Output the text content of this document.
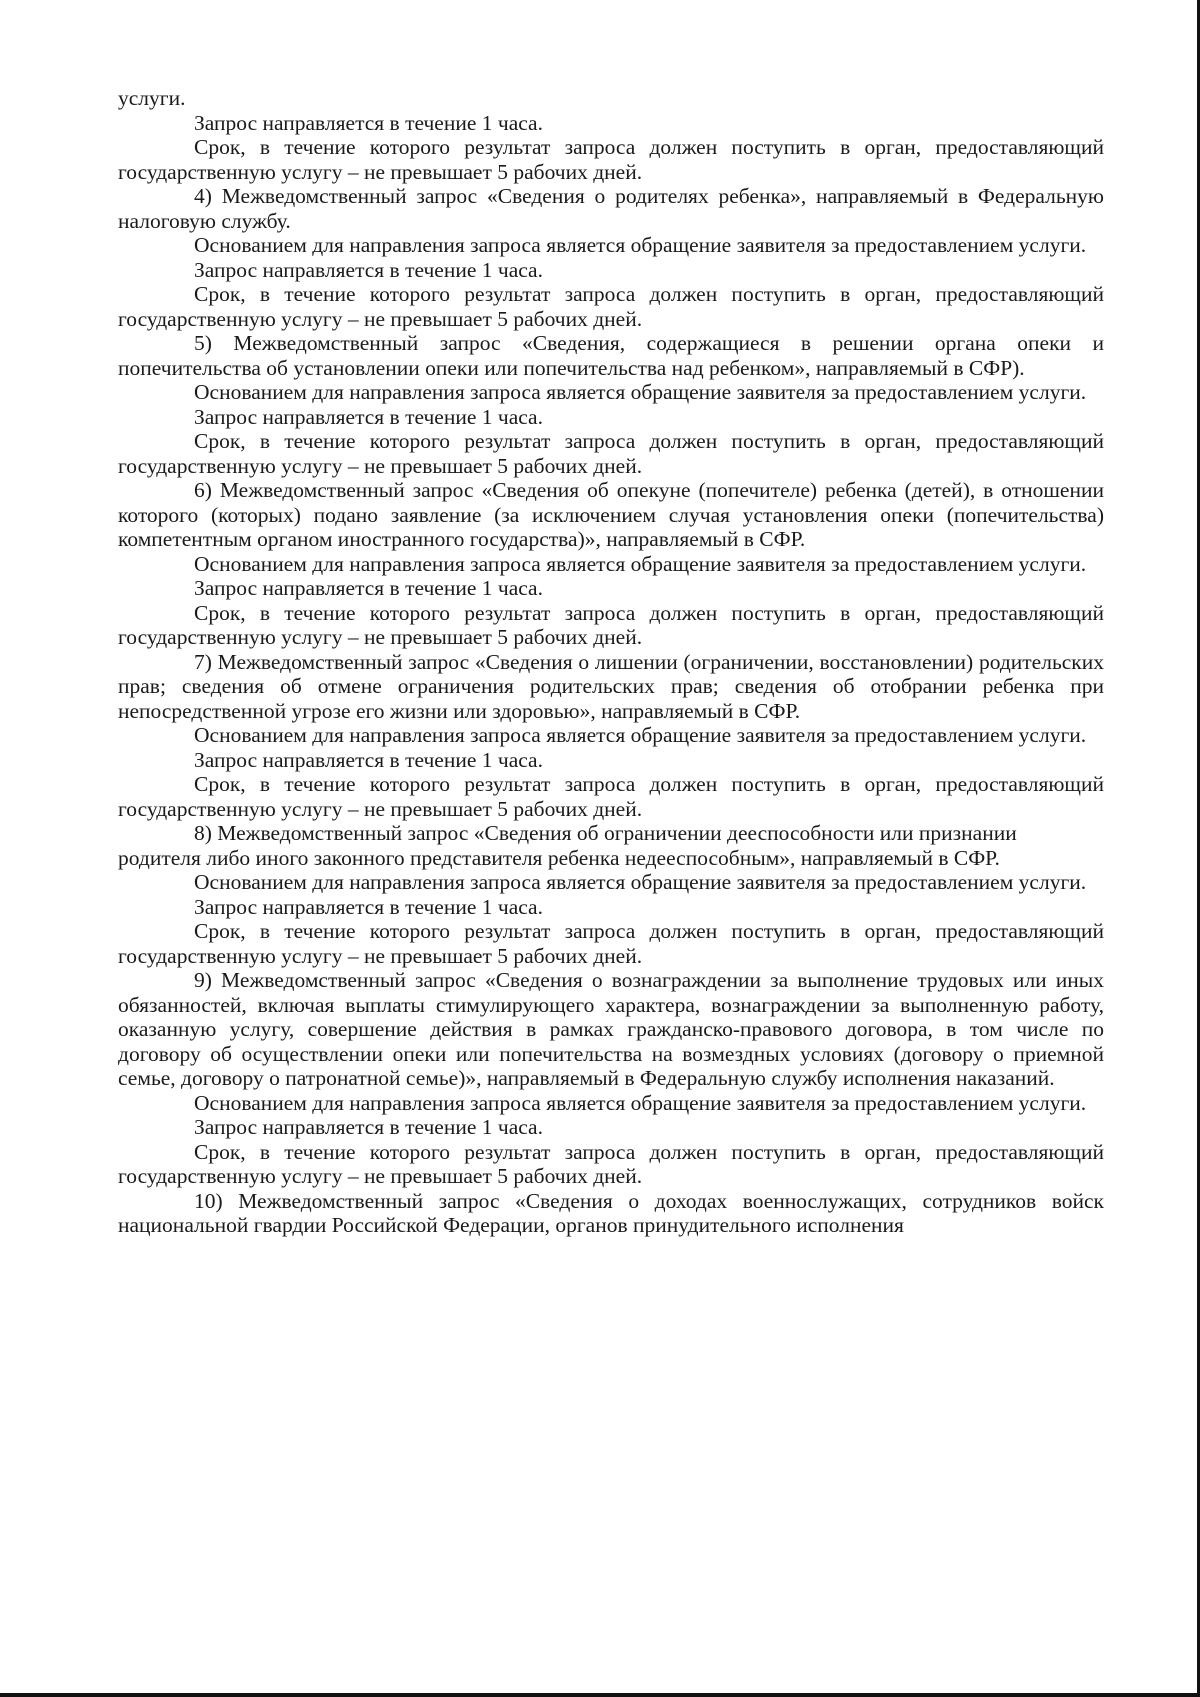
услуги.

Запрос направляется в течение 1 часа.

Срок, в течение которого результат запроса должен поступить в орган, предоставляющий государственную услугу – не превышает 5 рабочих дней.

4) Межведомственный запрос «Сведения о родителях ребенка», направляемый в Федеральную налоговую службу.

Основанием для направления запроса является обращение заявителя за предоставлением услуги.

Запрос направляется в течение 1 часа.

Срок, в течение которого результат запроса должен поступить в орган, предоставляющий государственную услугу – не превышает 5 рабочих дней.

5) Межведомственный запрос «Сведения, содержащиеся в решении органа опеки и попечительства об установлении опеки или попечительства над ребенком», направляемый в СФР).

Основанием для направления запроса является обращение заявителя за предоставлением услуги.

Запрос направляется в течение 1 часа.

Срок, в течение которого результат запроса должен поступить в орган, предоставляющий государственную услугу – не превышает 5 рабочих дней.

6) Межведомственный запрос «Сведения об опекуне (попечителе) ребенка (детей), в отношении которого (которых) подано заявление (за исключением случая установления опеки (попечительства) компетентным органом иностранного государства)», направляемый в СФР.

Основанием для направления запроса является обращение заявителя за предоставлением услуги.

Запрос направляется в течение 1 часа.

Срок, в течение которого результат запроса должен поступить в орган, предоставляющий государственную услугу – не превышает 5 рабочих дней.

7) Межведомственный запрос «Сведения о лишении (ограничении, восстановлении) родительских прав; сведения об отмене ограничения родительских прав; сведения об отобрании ребенка при непосредственной угрозе его жизни или здоровью», направляемый в СФР.

Основанием для направления запроса является обращение заявителя за предоставлением услуги.

Запрос направляется в течение 1 часа.

Срок, в течение которого результат запроса должен поступить в орган, предоставляющий государственную услугу – не превышает 5 рабочих дней.

8) Межведомственный запрос «Сведения об ограничении дееспособности или признании родителя либо иного законного представителя ребенка недееспособным», направляемый в СФР.

Основанием для направления запроса является обращение заявителя за предоставлением услуги.

Запрос направляется в течение 1 часа.

Срок, в течение которого результат запроса должен поступить в орган, предоставляющий государственную услугу – не превышает 5 рабочих дней.

9) Межведомственный запрос «Сведения о вознаграждении за выполнение трудовых или иных обязанностей, включая выплаты стимулирующего характера, вознаграждении за выполненную работу, оказанную услугу, совершение действия в рамках гражданско-правового договора, в том числе по договору об осуществлении опеки или попечительства на возмездных условиях (договору о приемной семье, договору о патронатной семье)», направляемый в Федеральную службу исполнения наказаний.

Основанием для направления запроса является обращение заявителя за предоставлением услуги.

Запрос направляется в течение 1 часа.

Срок, в течение которого результат запроса должен поступить в орган, предоставляющий государственную услугу – не превышает 5 рабочих дней.

10) Межведомственный запрос «Сведения о доходах военнослужащих, сотрудников войск национальной гвардии Российской Федерации, органов принудительного исполнения
